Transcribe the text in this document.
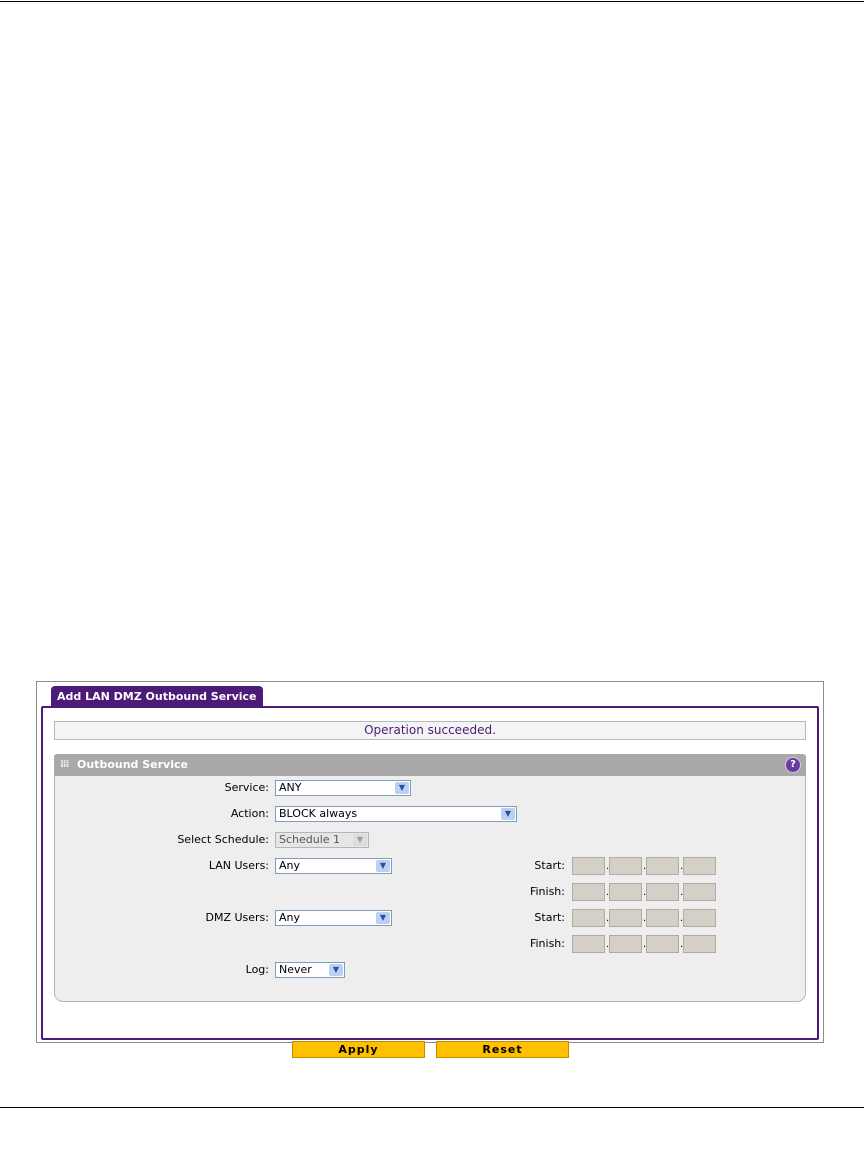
Add LAN DMZ Outbound Service
Operation succeeded.
⁞⁞⁞ Outbound Service	?
Service: ANY	▼
Action: BLOCK always	▼
Select Schedule: Schedule 1	▼
LAN Users: Any	▼	Start:	.	.	.
Finish:	.	.	.
DMZ Users: Any	▼	Start:	.	.	.
Finish:	.	.	.
Log: Never	▼
Apply	Reset
